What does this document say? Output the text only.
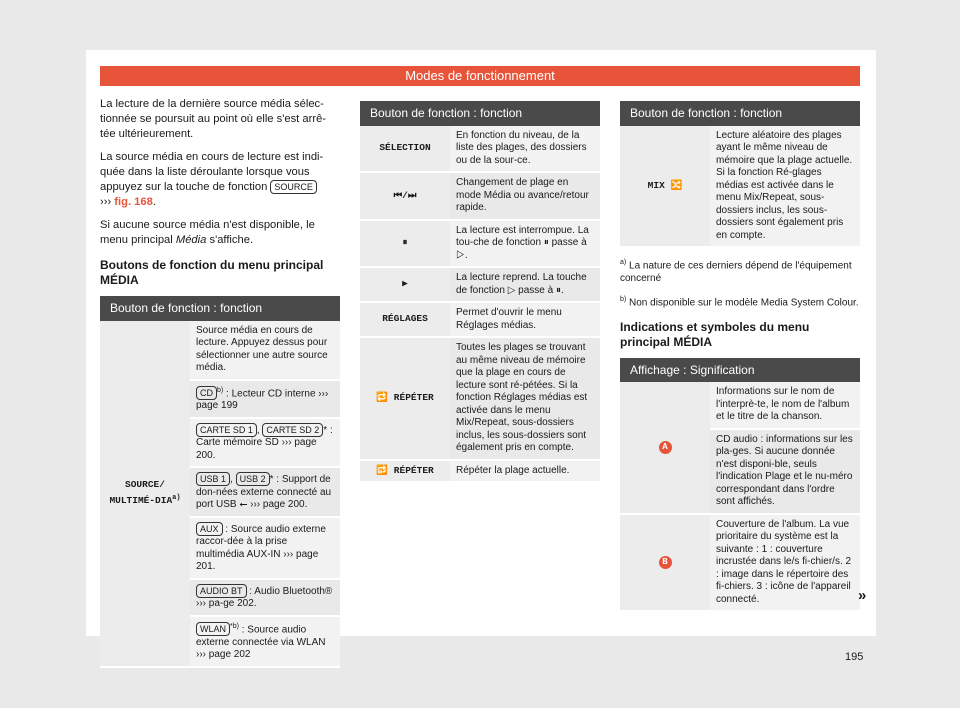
Modes de fonctionnement

La lecture de la dernière source média sélec-tionnée se poursuit au point où elle s'est arrê-tée ultérieurement.

La source média en cours de lecture est indi-quée dans la liste déroulante lorsque vous appuyez sur la touche de fonction SOURCE
››› fig. 168.

Si aucune source média n'est disponible, le menu principal Média s'affiche.

Boutons de fonction du menu principal MÉDIA
Bouton de fonction : fonction
SOURCE/ MULTIMÉ-DIA$^{a)}$	Source média en cours de lecture. Appuyez dessus pour sélectionner une autre source média.
CD $^{b)}$ : Lecteur CD interne ››› page 199
CARTE SD 1 , CARTE SD 2 * : Carte mémoire SD ››› page 200.
USB 1 , USB 2 * : Support de don-nées externe connecté au port USB ⭠ ››› page 200.
AUX : Source audio externe raccor-dée à la prise multimédia AUX-IN ››› page 201.
AUDIO BT : Audio Bluetooth® ››› pa-ge 202.
WLAN $^{*b)}$ : Source audio externe connectée via WLAN ››› page 202
Bouton de fonction : fonction	
SÉLECTION	En fonction du niveau, de la liste des plages, des dossiers ou de la sour-ce.
⏮/⏭	Changement de plage en mode Média ou avance/retour rapide.
⏸	La lecture est interrompue. La tou-che de fonction ⏸ passe à ▷.
▶	La lecture reprend. La touche de fonction ▷ passe à ⏸.
RÉGLAGES	Permet d'ouvrir le menu Réglages médias.
🔁 RÉPÉTER	Toutes les plages se trouvant au même niveau de mémoire que la plage en cours de lecture sont ré-pétées. Si la fonction Réglages médias est activée dans le menu Mix/Repeat, sous-dossiers inclus, les sous-dossiers sont également pris en compte.
🔂 RÉPÉTER	Répéter la plage actuelle.
Bouton de fonction : fonction
MIX 🔀	Lecture aléatoire des plages ayant le même niveau de mémoire que la plage actuelle. Si la fonction Ré-glages médias est activée dans le menu Mix/Repeat, sous-dossiers inclus, les sous-dossiers sont également pris en compte.
$^{a)}$ La nature de ces derniers dépend de l'équipement concerné
$^{b)}$ Non disponible sur le modèle Media System Colour.
Indications et symboles du menu principal MÉDIA
Affichage : Signification	
A	Informations sur le nom de l'interprè-te, le nom de l'album et le titre de la chanson.
	CD audio : informations sur les pla-ges. Si aucune donnée n'est disponi-ble, seuls l'indication Plage et le nu-méro correspondant dans l'ordre sont affichés.
B	Couverture de l'album. La vue prioritaire du système est la suivante : 1 : couverture incrustée dans le/s fi-chier/s. 2 : image dans le répertoire des fi-chiers. 3 : icône de l'appareil connecté.	»
195
